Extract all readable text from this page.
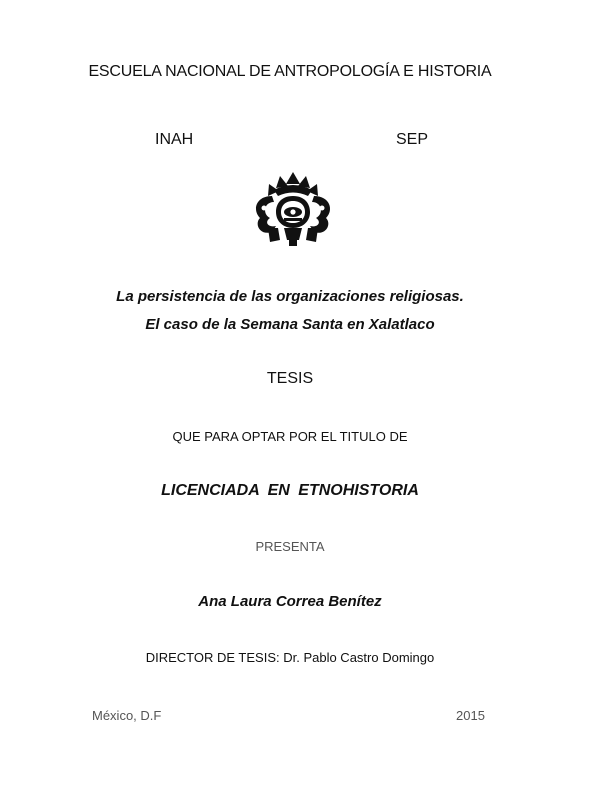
ESCUELA NACIONAL DE ANTROPOLOGÍA E HISTORIA
INAH	SEP
La persistencia de las organizaciones religiosas.
El caso de la Semana Santa en Xalatlaco
TESIS
QUE PARA OPTAR POR EL TITULO DE
LICENCIADA EN ETNOHISTORIA
PRESENTA
Ana Laura Correa Benítez
DIRECTOR DE TESIS: Dr. Pablo Castro Domingo
México, D.F	2015
